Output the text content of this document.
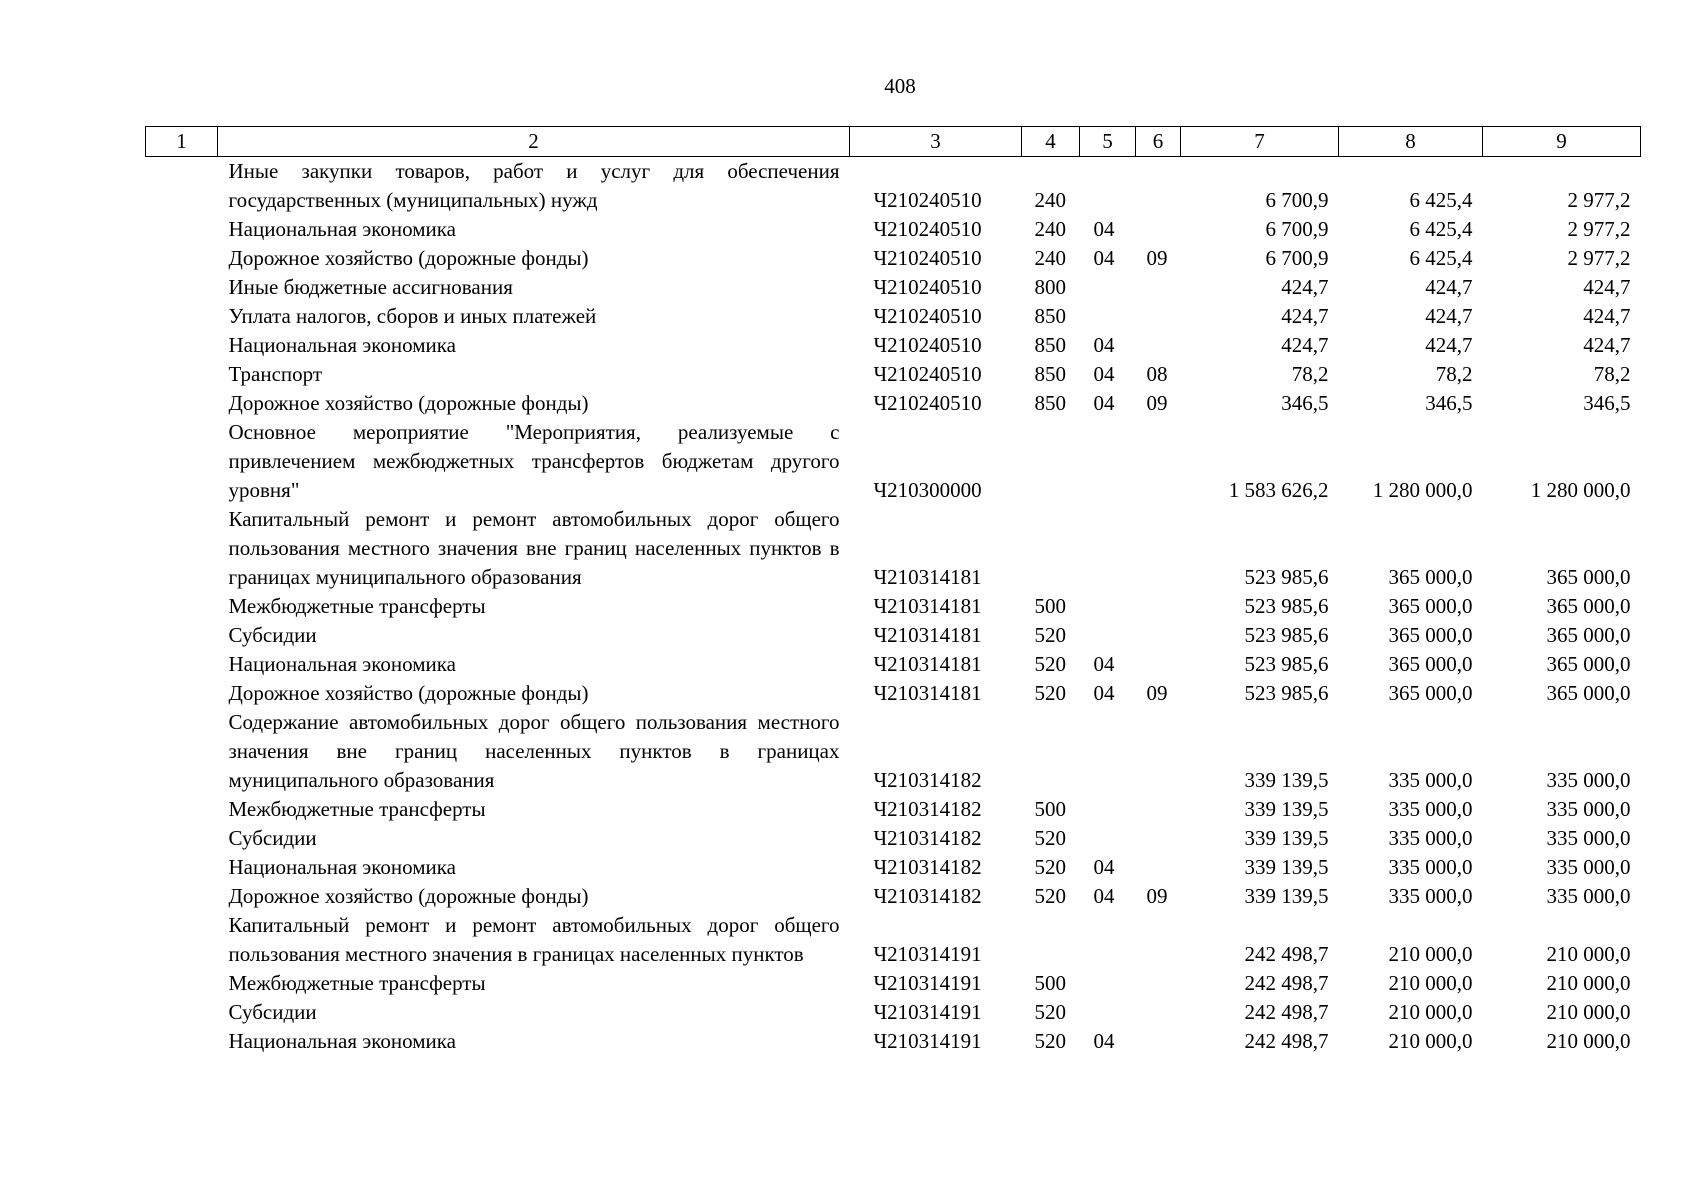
408
1	2	3	4	5	6	7	8	9
	Иные закупки товаров, работ и услуг для обеспечения государственных (муниципальных) нужд	Ч210240510	240			6 700,9	6 425,4	2 977,2
	Национальная экономика	Ч210240510	240	04		6 700,9	6 425,4	2 977,2
	Дорожное хозяйство (дорожные фонды)	Ч210240510	240	04	09	6 700,9	6 425,4	2 977,2
	Иные бюджетные ассигнования	Ч210240510	800			424,7	424,7	424,7
	Уплата налогов, сборов и иных платежей	Ч210240510	850			424,7	424,7	424,7
	Национальная экономика	Ч210240510	850	04		424,7	424,7	424,7
	Транспорт	Ч210240510	850	04	08	78,2	78,2	78,2
	Дорожное хозяйство (дорожные фонды)	Ч210240510	850	04	09	346,5	346,5	346,5
	Основное мероприятие "Мероприятия, реализуемые с привлечением межбюджетных трансфертов бюджетам другого уровня"	Ч210300000				1 583 626,2	1 280 000,0	1 280 000,0
	Капитальный ремонт и ремонт автомобильных дорог общего пользования местного значения вне границ населенных пунктов в границах муниципального образования	Ч210314181				523 985,6	365 000,0	365 000,0
	Межбюджетные трансферты	Ч210314181	500			523 985,6	365 000,0	365 000,0
	Субсидии	Ч210314181	520			523 985,6	365 000,0	365 000,0
	Национальная экономика	Ч210314181	520	04		523 985,6	365 000,0	365 000,0
	Дорожное хозяйство (дорожные фонды)	Ч210314181	520	04	09	523 985,6	365 000,0	365 000,0
	Содержание автомобильных дорог общего пользования местного значения вне границ населенных пунктов в границах муниципального образования	Ч210314182				339 139,5	335 000,0	335 000,0
	Межбюджетные трансферты	Ч210314182	500			339 139,5	335 000,0	335 000,0
	Субсидии	Ч210314182	520			339 139,5	335 000,0	335 000,0
	Национальная экономика	Ч210314182	520	04		339 139,5	335 000,0	335 000,0
	Дорожное хозяйство (дорожные фонды)	Ч210314182	520	04	09	339 139,5	335 000,0	335 000,0
	Капитальный ремонт и ремонт автомобильных дорог общего пользования местного значения в границах населенных пунктов	Ч210314191				242 498,7	210 000,0	210 000,0
	Межбюджетные трансферты	Ч210314191	500			242 498,7	210 000,0	210 000,0
	Субсидии	Ч210314191	520			242 498,7	210 000,0	210 000,0
	Национальная экономика	Ч210314191	520	04		242 498,7	210 000,0	210 000,0
